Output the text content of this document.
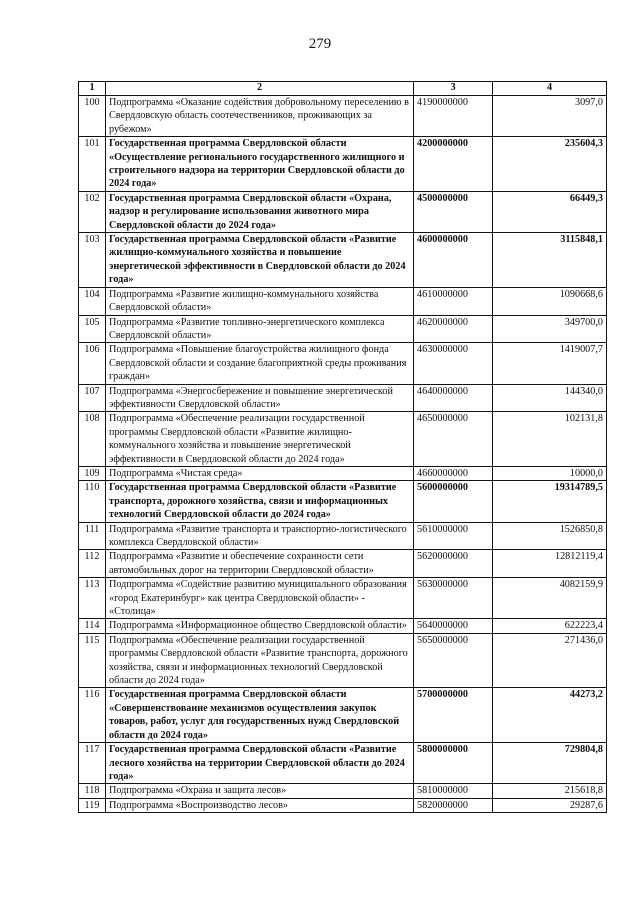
279
1	2	3	4
100	Подпрограмма «Оказание содействия добровольному переселению в Свердловскую область соотечественников, проживающих за рубежом»	4190000000	3097,0
101	Государственная программа Свердловской области «Осуществление регионального государственного жилищного и строительного надзора на территории Свердловской области до 2024 года»	4200000000	235604,3
102	Государственная программа Свердловской области «Охрана, надзор и регулирование использования животного мира Свердловской области до 2024 года»	4500000000	66449,3
103	Государственная программа Свердловской области «Развитие жилищно-коммунального хозяйства и повышение энергетической эффективности в Свердловской области до 2024 года»	4600000000	3115848,1
104	Подпрограмма «Развитие жилищно-коммунального хозяйства Свердловской области»	4610000000	1090668,6
105	Подпрограмма «Развитие топливно-энергетического комплекса Свердловской области»	4620000000	349700,0
106	Подпрограмма «Повышение благоустройства жилищного фонда Свердловской области и создание благоприятной среды проживания граждан»	4630000000	1419007,7
107	Подпрограмма «Энергосбережение и повышение энергетической эффективности Свердловской области»	4640000000	144340,0
108	Подпрограмма «Обеспечение реализации государственной программы Свердловской области «Развитие жилищно-коммунального хозяйства и повышение энергетической эффективности в Свердловской области до 2024 года»	4650000000	102131,8
109	Подпрограмма «Чистая среда»	4660000000	10000,0
110	Государственная программа Свердловской области «Развитие транспорта, дорожного хозяйства, связи и информационных технологий Свердловской области до 2024 года»	5600000000	19314789,5
111	Подпрограмма «Развитие транспорта и транспортно-логистического комплекса Свердловской области»	5610000000	1526850,8
112	Подпрограмма «Развитие и обеспечение сохранности сети автомобильных дорог на территории Свердловской области»	5620000000	12812119,4
113	Подпрограмма «Содействие развитию муниципального образования «город Екатеринбург» как центра Свердловской области» - «Столица»	5630000000	4082159,9
114	Подпрограмма «Информационное общество Свердловской области»	5640000000	622223,4
115	Подпрограмма «Обеспечение реализации государственной программы Свердловской области «Развитие транспорта, дорожного хозяйства, связи и информационных технологий Свердловской области до 2024 года»	5650000000	271436,0
116	Государственная программа Свердловской области «Совершенствование механизмов осуществления закупок товаров, работ, услуг для государственных нужд Свердловской области до 2024 года»	5700000000	44273,2
117	Государственная программа Свердловской области «Развитие лесного хозяйства на территории Свердловской области до 2024 года»	5800000000	729804,8
118	Подпрограмма «Охрана и защита лесов»	5810000000	215618,8
119	Подпрограмма «Воспроизводство лесов»	5820000000	29287,6
